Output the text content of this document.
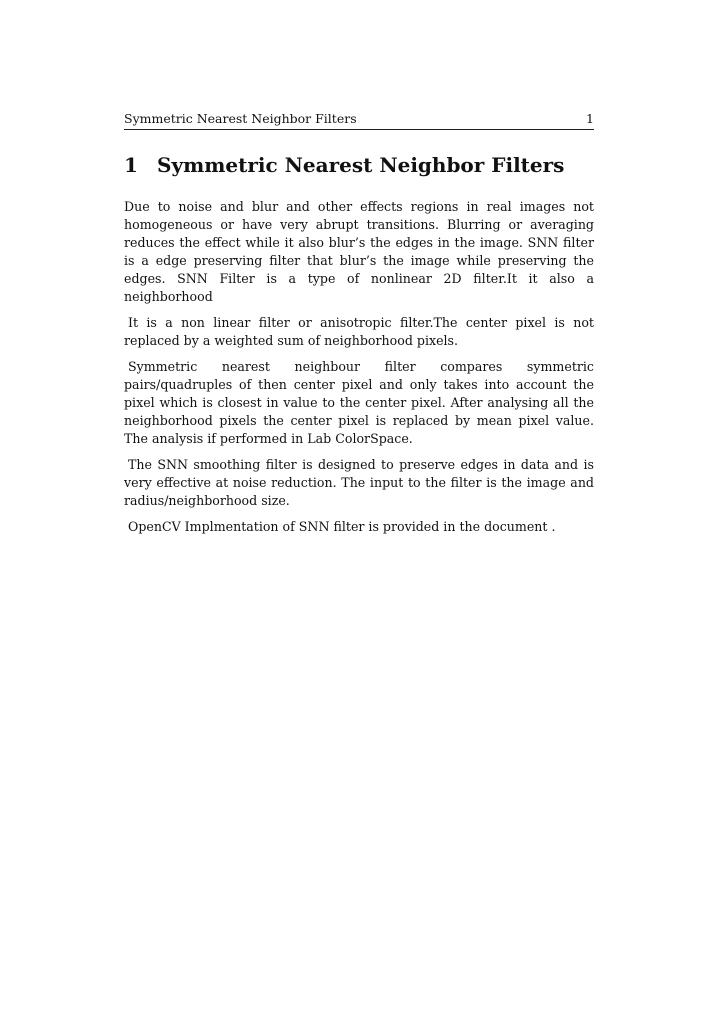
Symmetric Nearest Neighbor Filters	1
1 Symmetric Nearest Neighbor Filters

Due to noise and blur and other effects regions in real images not homogeneous or have very abrupt transitions. Blurring or averaging reduces the effect while it also blur’s the edges in the image. SNN filter is a edge preserving filter that blur’s the image while preserving the edges. SNN Filter is a type of nonlinear 2D filter.It it also a neighborhood

It is a non linear filter or anisotropic filter.The center pixel is not replaced by a weighted sum of neighborhood pixels.

Symmetric nearest neighbour filter compares symmetric pairs/quadruples of then center pixel and only takes into account the pixel which is closest in value to the center pixel. After analysing all the neighborhood pixels the center pixel is replaced by mean pixel value. The analysis if performed in Lab ColorSpace.

The SNN smoothing filter is designed to preserve edges in data and is very effective at noise reduction. The input to the filter is the image and radius/neighborhood size.

OpenCV Implmentation of SNN filter is provided in the document .
